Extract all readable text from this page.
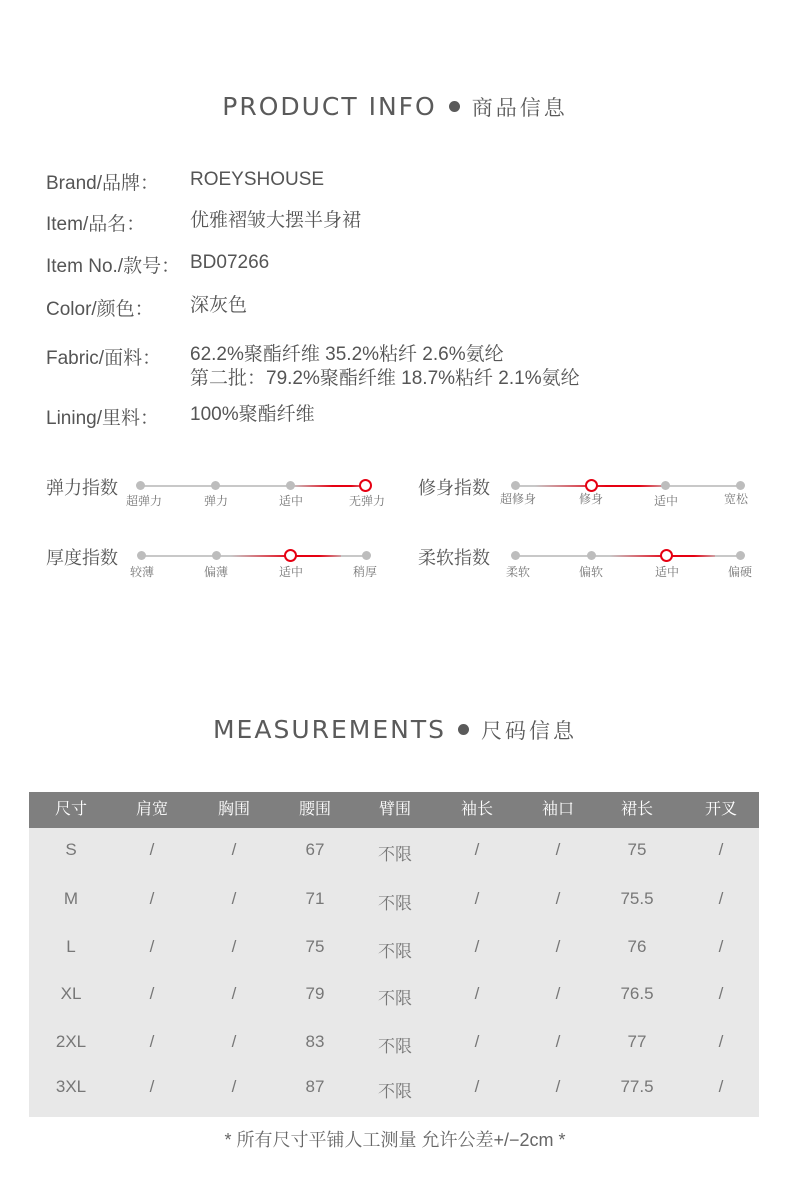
PRODUCT INFO 商品信息
Brand/品牌： ROEYSHOUSE
Item/品名： 优雅褶皱大摆半身裙
Item No./款号： BD07266
Color/颜色： 深灰色
Fabric/面料： 62.2%聚酯纤维 35.2%粘纤 2.6%氨纶
第二批：79.2%聚酯纤维 18.7%粘纤 2.1%氨纶
Lining/里料： 100%聚酯纤维
弹力指数
超弹力	弹力	适中	无弹力
修身指数
超修身	修身	适中	宽松
厚度指数
较薄	偏薄	适中	稍厚
柔软指数
柔软	偏软	适中	偏硬
MEASUREMENTS 尺码信息
尺寸	肩宽	胸围	腰围	臂围	袖长	袖口	裙长	开叉
S	/	/	67	不限	/	/	75	/
M	/	/	71	不限	/	/	75.5	/
L	/	/	75	不限	/	/	76	/
XL	/	/	79	不限	/	/	76.5	/
2XL	/	/	83	不限	/	/	77	/
3XL	/	/	87	不限	/	/	77.5	/
* 所有尺寸平铺人工测量 允许公差+/−2cm *
